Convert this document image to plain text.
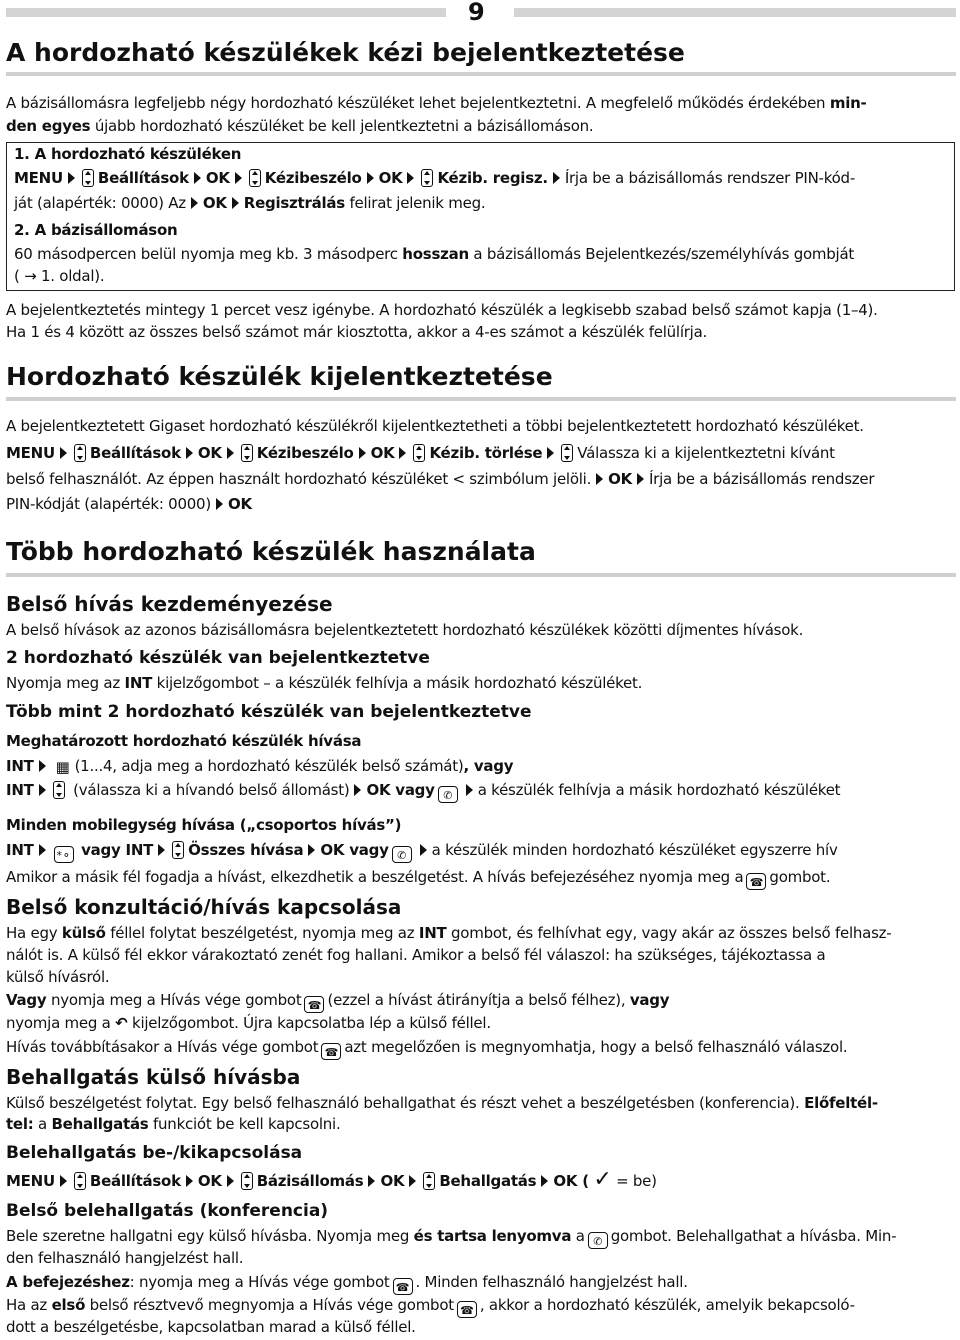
9
A hordozható készülékek kézi bejelentkeztetése
A bázisállomásra legfeljebb négy hordozható készüléket lehet bejelentkeztetni. A megfelelő működés érdekében min-
den egyes újabb hordozható készüléket be kell jelentkeztetni a bázisállomáson.
1. A hordozható készüléken
MENU Beállítások OK Kézibeszélo OK Kézib. regisz. Írja be a bázisállomás rendszer PIN-kód-
ját (alapérték: 0000) Az OK Regisztrálás felirat jelenik meg.
2. A bázisállomáson
60 másodpercen belül nyomja meg kb. 3 másodperc hosszan a bázisállomás Bejelentkezés/személyhívás gombját
( → 1. oldal).
A bejelentkeztetés mintegy 1 percet vesz igénybe. A hordozható készülék a legkisebb szabad belső számot kapja (1–4).
Ha 1 és 4 között az összes belső számot már kiosztotta, akkor a 4-es számot a készülék felülírja.
Hordozható készülék kijelentkeztetése
A bejelentkeztetett Gigaset hordozható készülékről kijelentkeztetheti a többi bejelentkeztetett hordozható készüléket.
MENU Beállítások OK Kézibeszélo OK Kézib. törlése Válassza ki a kijelentkeztetni kívánt
belső felhasználót. Az éppen használt hordozható készüléket < szimbólum jelöli. OK Írja be a bázisállomás rendszer
PIN-kódját (alapérték: 0000) OK
Több hordozható készülék használata
Belső hívás kezdeményezése
A belső hívások az azonos bázisállomásra bejelentkeztetett hordozható készülékek közötti díjmentes hívások.
2 hordozható készülék van bejelentkeztetve
Nyomja meg az INT kijelzőgombot – a készülék felhívja a másik hordozható készüléket.
Több mint 2 hordozható készülék van bejelentkeztetve
Meghatározott hordozható készülék hívása
INT ▦ (1...4, adja meg a hordozható készülék belső számát), vagy
INT	(válassza ki a hívandó belső állomást) OK vagy ✆ a készülék felhívja a másik hordozható készüléket
Minden mobilegység hívása („csoportos hívás”)
INT *⚬ vagy INT Összes hívása OK vagy ✆ a készülék minden hordozható készüléket egyszerre hív
Amikor a másik fél fogadja a hívást, elkezdhetik a beszélgetést. A hívás befejezéséhez nyomja meg a ☎ gombot.
Belső konzultáció/hívás kapcsolása
Ha egy külső féllel folytat beszélgetést, nyomja meg az INT gombot, és felhívhat egy, vagy akár az összes belső felhasz-
nálót is. A külső fél ekkor várakoztató zenét fog hallani. Amikor a belső fél válaszol: ha szükséges, tájékoztassa a
külső hívásról.
Vagy nyomja meg a Hívás vége gombot ☎ (ezzel a hívást átirányítja a belső félhez), vagy
nyomja meg a ↶ kijelzőgombot. Újra kapcsolatba lép a külső féllel.
Hívás továbbításakor a Hívás vége gombot ☎ azt megelőzően is megnyomhatja, hogy a belső felhasználó válaszol.
Behallgatás külső hívásba
Külső beszélgetést folytat. Egy belső felhasználó behallgathat és részt vehet a beszélgetésben (konferencia). Előfeltél-
tel: a Behallgatás funkciót be kell kapcsolni.
Belehallgatás be-/kikapcsolása
MENU Beállítások OK Bázisállomás OK Behallgatás OK ( ✓ = be)
Belső belehallgatás (konferencia)
Bele szeretne hallgatni egy külső hívásba. Nyomja meg és tartsa lenyomva a ✆ gombot. Belehallgathat a hívásba. Min-
den felhasználó hangjelzést hall.
A befejezéshez: nyomja meg a Hívás vége gombot ☎ . Minden felhasználó hangjelzést hall.
Ha az első belső résztvevő megnyomja a Hívás vége gombot ☎ , akkor a hordozható készülék, amelyik bekapcsoló-
dott a beszélgetésbe, kapcsolatban marad a külső féllel.
